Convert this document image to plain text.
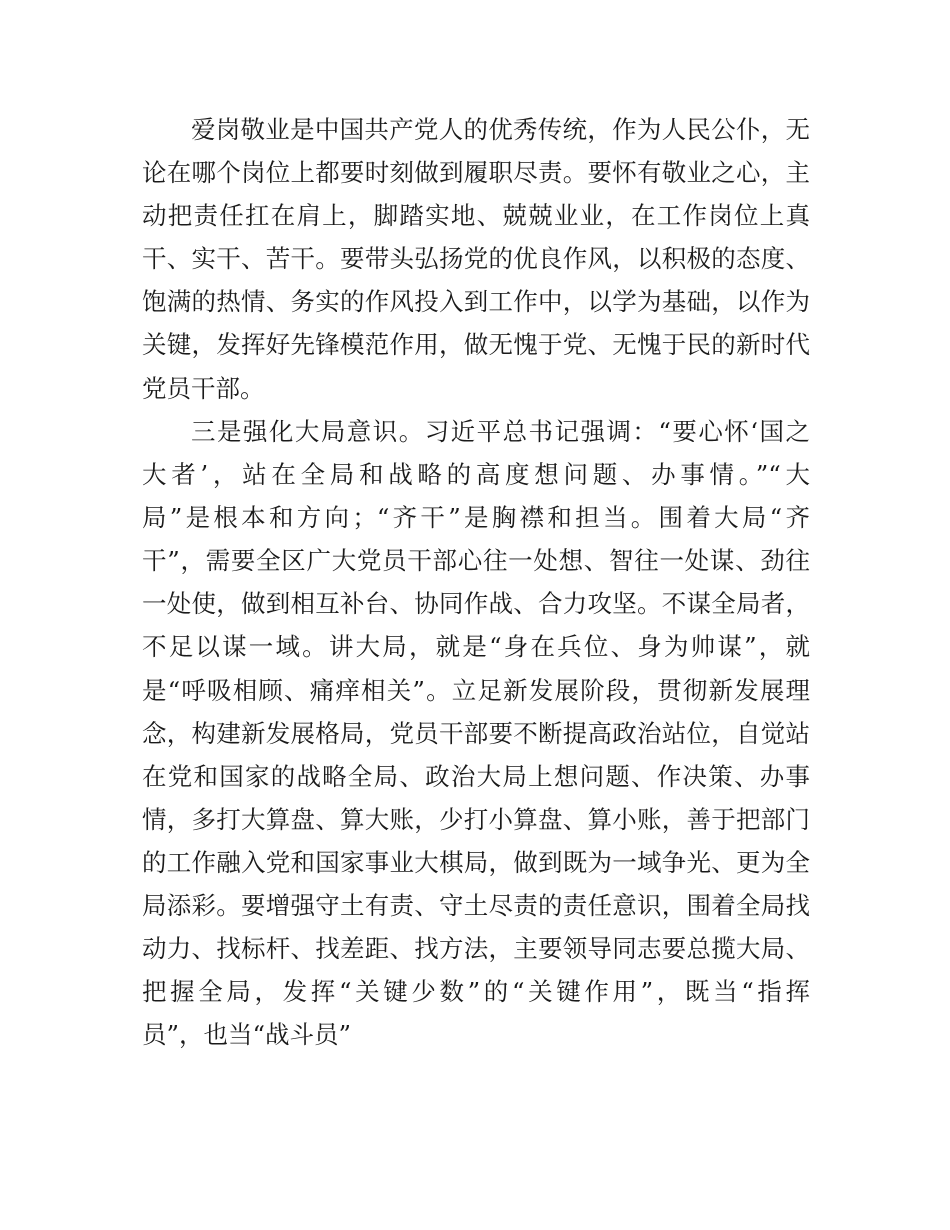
爱岗敬业是中国共产党人的优秀传统，作为人民公仆，无
论在哪个岗位上都要时刻做到履职尽责。要怀有敬业之心，主
动把责任扛在肩上，脚踏实地、兢兢业业，在工作岗位上真
干、实干、苦干。要带头弘扬党的优良作风，以积极的态度、
饱满的热情、务实的作风投入到工作中，以学为基础，以作为
关键，发挥好先锋模范作用，做无愧于党、无愧于民的新时代
党员干部。
三是强化大局意识。习近平总书记强调：“要心怀‘国之
大者’，站在全局和战略的高度想问题、办事情。”“大
局”是根本和方向；“齐干”是胸襟和担当。围着大局“齐
干”，需要全区广大党员干部心往一处想、智往一处谋、劲往
一处使，做到相互补台、协同作战、合力攻坚。不谋全局者，
不足以谋一域。讲大局，就是“身在兵位、身为帅谋”，就
是“呼吸相顾、痛痒相关”。立足新发展阶段，贯彻新发展理
念，构建新发展格局，党员干部要不断提高政治站位，自觉站
在党和国家的战略全局、政治大局上想问题、作决策、办事
情，多打大算盘、算大账，少打小算盘、算小账，善于把部门
的工作融入党和国家事业大棋局，做到既为一域争光、更为全
局添彩。要增强守土有责、守土尽责的责任意识，围着全局找
动力、找标杆、找差距、找方法，主要领导同志要总揽大局、
把握全局，发挥“关键少数”的“关键作用”，既当“指挥
员”，也当“战斗员”
